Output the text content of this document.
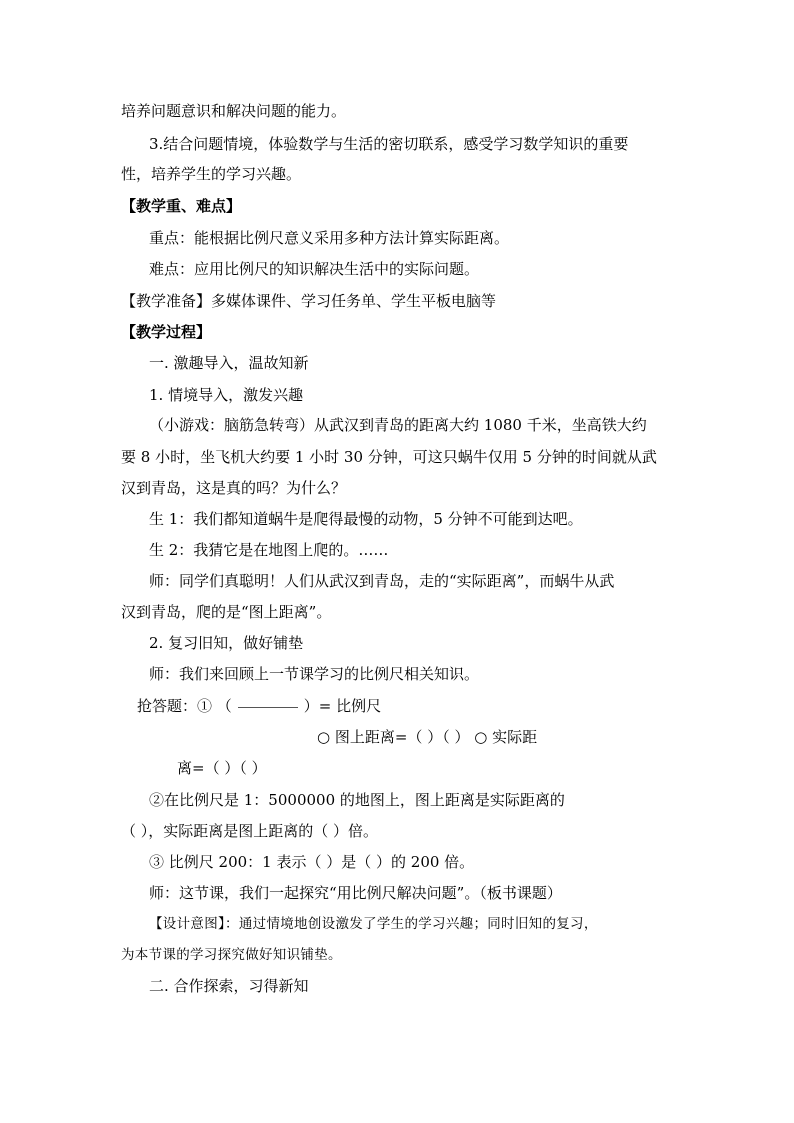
培养问题意识和解决问题的能力。
3.结合问题情境，体验数学与生活的密切联系，感受学习数学知识的重要
性，培养学生的学习兴趣。
【教学重、难点】
重点：能根据比例尺意义采用多种方法计算实际距离。
难点：应用比例尺的知识解决生活中的实际问题。
【教学准备】多媒体课件、学习任务单、学生平板电脑等
【教学过程】
一. 激趣导入，温故知新
1. 情境导入，激发兴趣
（小游戏：脑筋急转弯）从武汉到青岛的距离大约 1080 千米，坐高铁大约
要 8 小时，坐飞机大约要 1 小时 30 分钟，可这只蜗牛仅用 5 分钟的时间就从武
汉到青岛，这是真的吗？为什么？
生 1：我们都知道蜗牛是爬得最慢的动物，5 分钟不可能到达吧。
生 2：我猜它是在地图上爬的。……
师：同学们真聪明！人们从武汉到青岛，走的“实际距离”，而蜗牛从武
汉到青岛，爬的是“图上距离”。
2. 复习旧知，做好铺垫
师：我们来回顾上一节课学习的比例尺相关知识。
抢答题：① （	）= 比例尺
○ 图上距离=（ ）（ ） ○ 实际距
离=（ ）（ ）
②在比例尺是 1：5000000 的地图上，图上距离是实际距离的
（ ），实际距离是图上距离的（ ）倍。
③ 比例尺 200：1 表示（ ）是（ ）的 200 倍。
师：这节课，我们一起探究“用比例尺解决问题”。（板书课题）
【设计意图】：通过情境地创设激发了学生的学习兴趣；同时旧知的复习，
为本节课的学习探究做好知识铺垫。
二. 合作探索，习得新知
